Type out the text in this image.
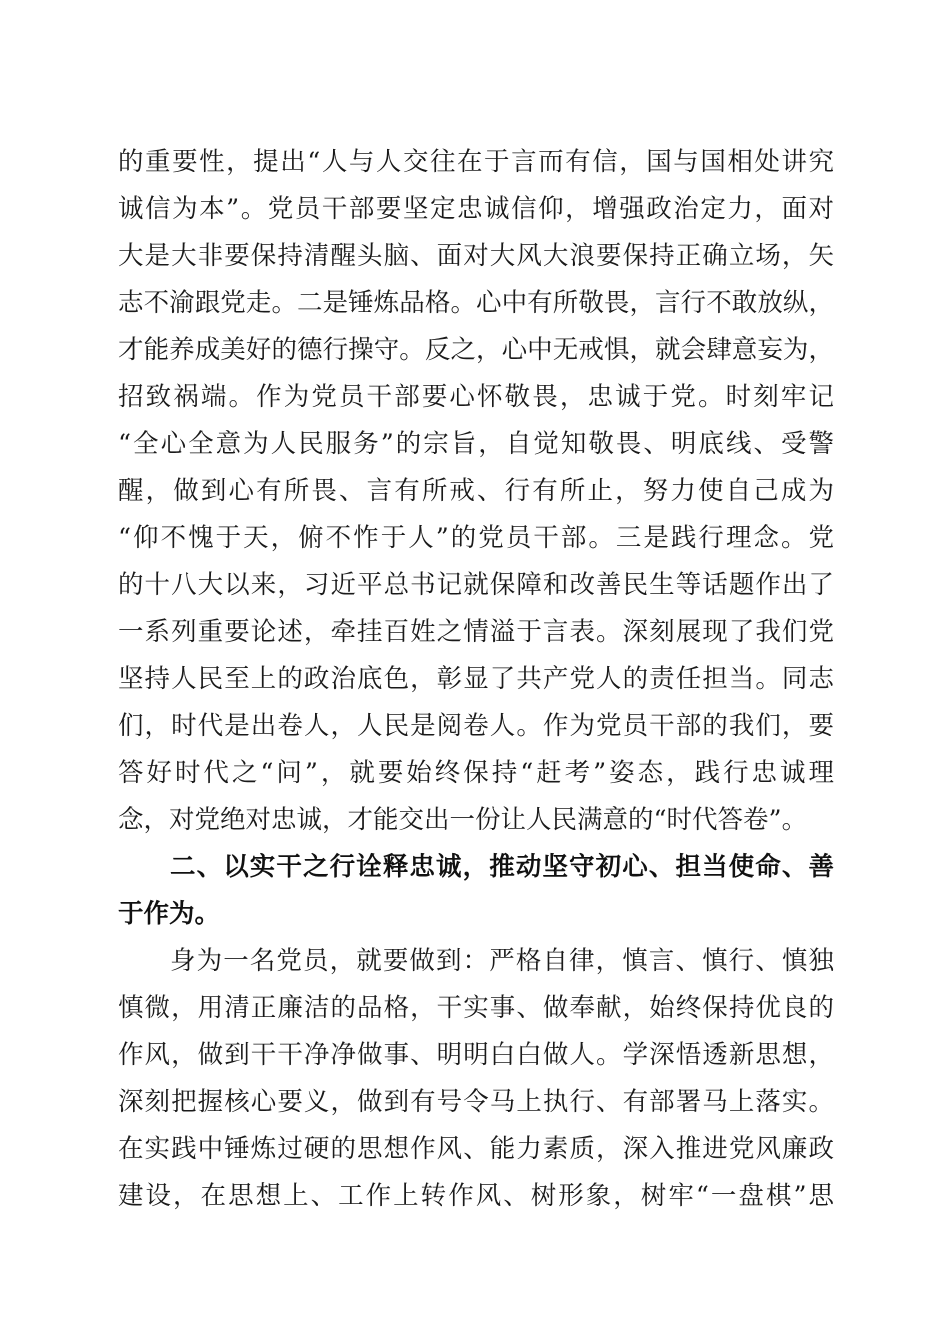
的重要性，提出“人与人交往在于言而有信，国与国相处讲究
诚信为本”。党员干部要坚定忠诚信仰，增强政治定力，面对
大是大非要保持清醒头脑、面对大风大浪要保持正确立场，矢
志不渝跟党走。二是锤炼品格。心中有所敬畏，言行不敢放纵，
才能养成美好的德行操守。反之，心中无戒惧，就会肆意妄为，
招致祸端。作为党员干部要心怀敬畏，忠诚于党。时刻牢记
“全心全意为人民服务”的宗旨，自觉知敬畏、明底线、受警
醒，做到心有所畏、言有所戒、行有所止，努力使自己成为
“仰不愧于天，俯不怍于人”的党员干部。三是践行理念。党
的十八大以来，习近平总书记就保障和改善民生等话题作出了
一系列重要论述，牵挂百姓之情溢于言表。深刻展现了我们党
坚持人民至上的政治底色，彰显了共产党人的责任担当。同志
们，时代是出卷人，人民是阅卷人。作为党员干部的我们，要
答好时代之“问”，就要始终保持“赶考”姿态，践行忠诚理
念，对党绝对忠诚，才能交出一份让人民满意的“时代答卷”。
二、以实干之行诠释忠诚，推动坚守初心、担当使命、善
于作为。
身为一名党员，就要做到：严格自律，慎言、慎行、慎独
慎微，用清正廉洁的品格，干实事、做奉献，始终保持优良的
作风，做到干干净净做事、明明白白做人。学深悟透新思想，
深刻把握核心要义，做到有号令马上执行、有部署马上落实。
在实践中锤炼过硬的思想作风、能力素质，深入推进党风廉政
建设，在思想上、工作上转作风、树形象，树牢“一盘棋”思
